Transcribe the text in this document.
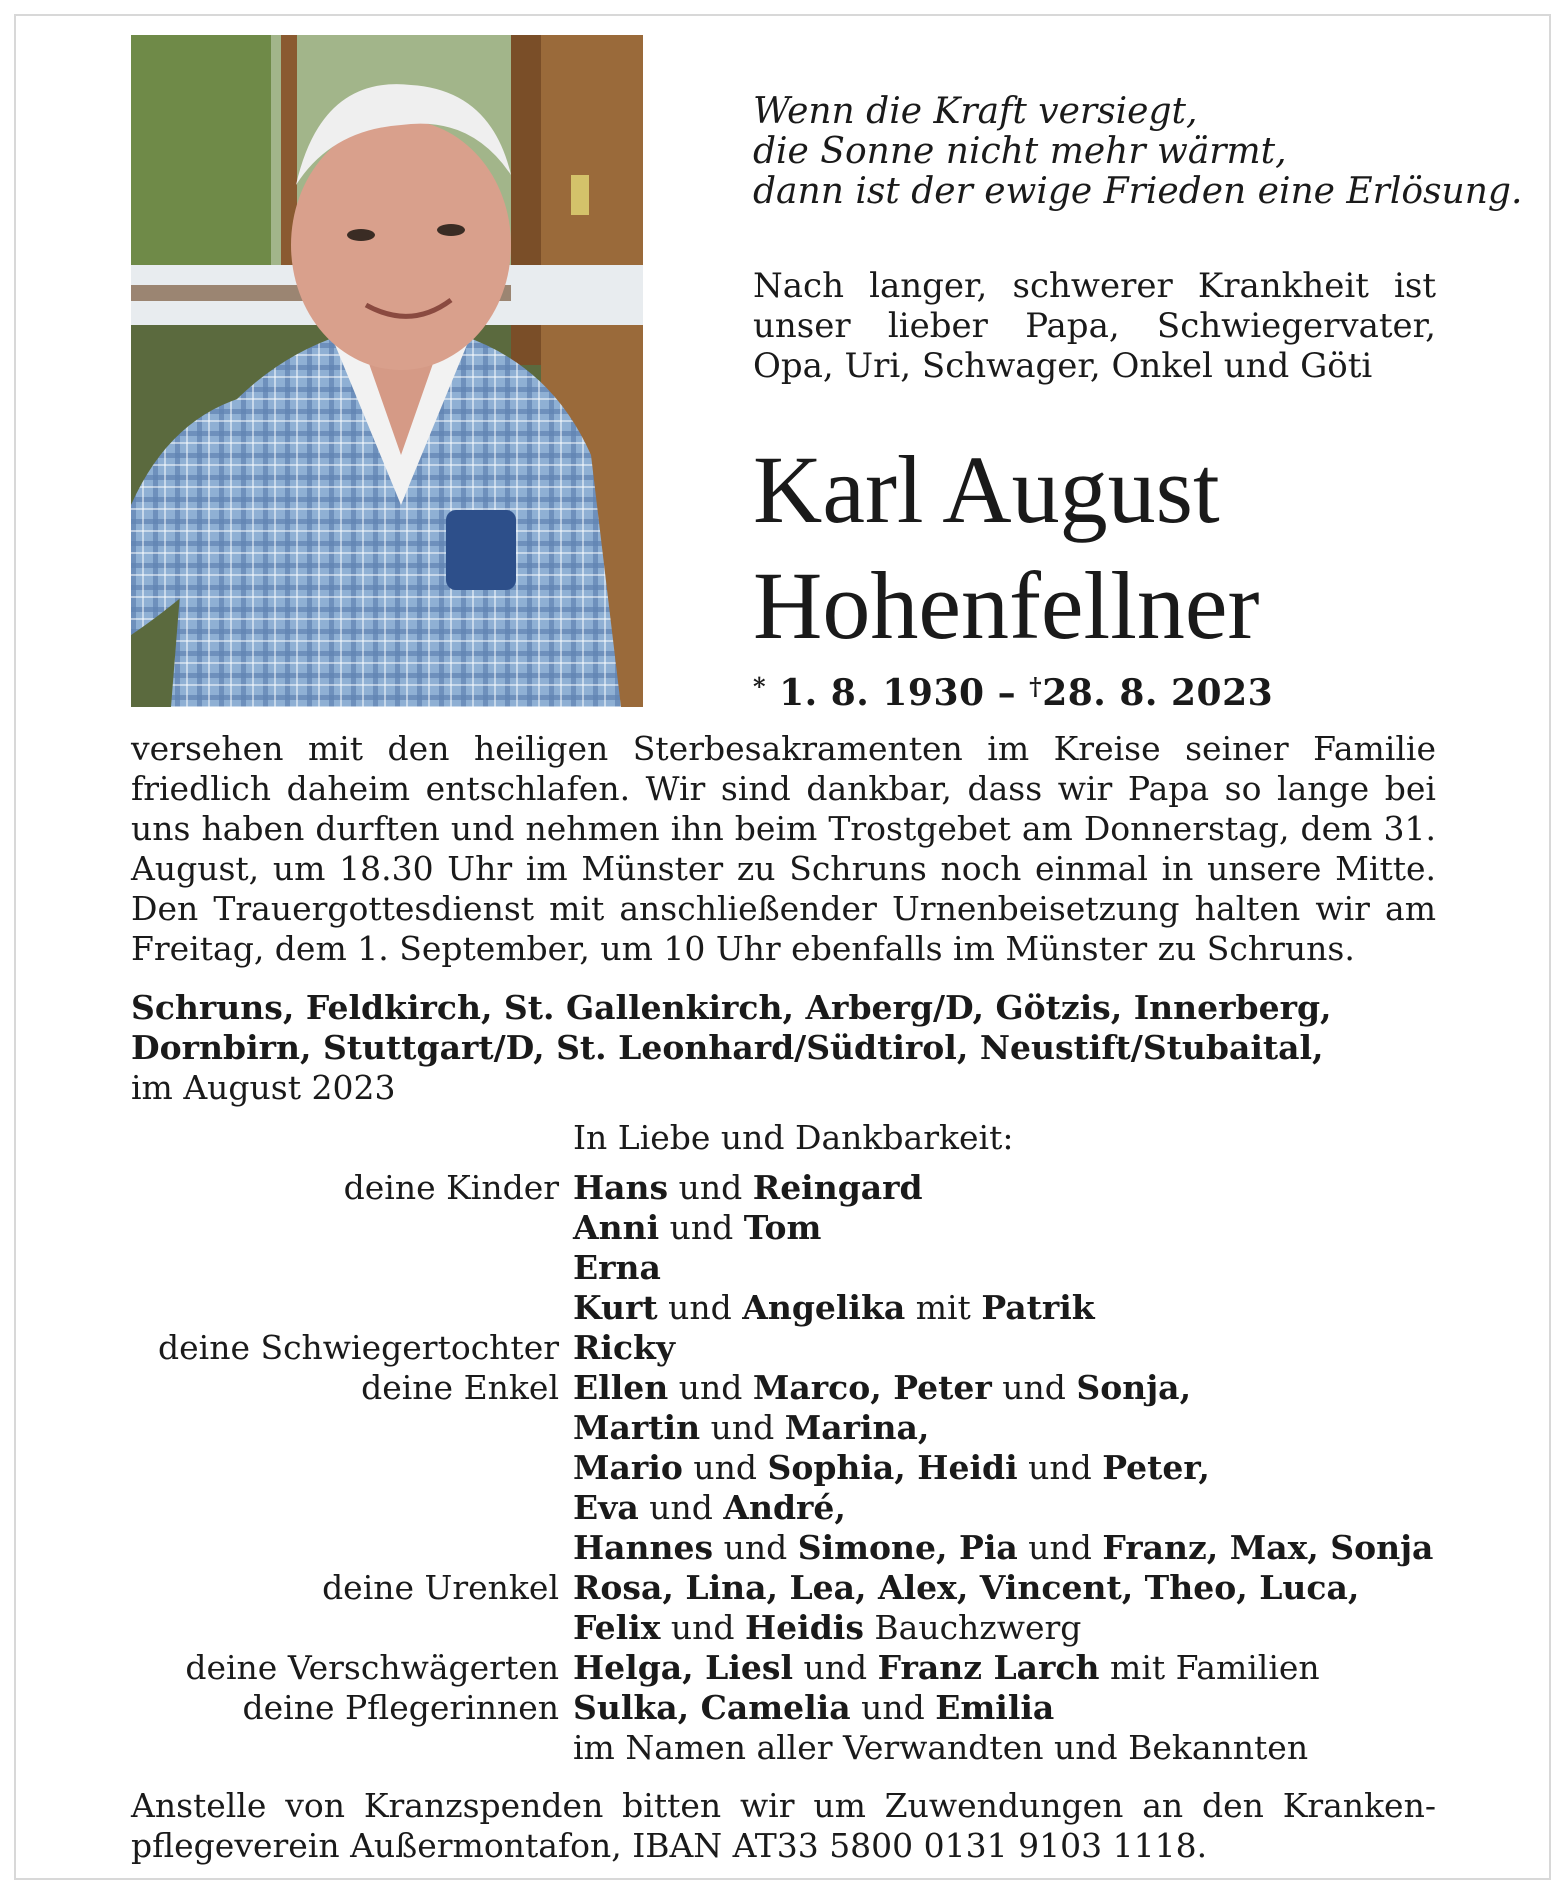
Wenn die Kraft versiegt,
die Sonne nicht mehr wärmt,
dann ist der ewige Frieden eine Erlösung.
Nach langer, schwerer Krankheit ist unser lieber Papa, Schwiegervater, Opa, Uri, Schwager, Onkel und Göti
Karl August
Hohenfellner
* 1. 8. 1930 – †28. 8. 2023
versehen mit den heiligen Sterbesakramenten im Kreise seiner Familie friedlich daheim entschlafen. Wir sind dankbar, dass wir Papa so lange bei uns haben durften und nehmen ihn beim Trostgebet am Donnerstag, dem 31. August, um 18.30 Uhr im Münster zu Schruns noch einmal in unsere Mitte. Den Trauergottesdienst mit anschließender Urnenbeisetzung halten wir am Freitag, dem 1. September, um 10 Uhr ebenfalls im Münster zu Schruns.
Schruns, Feldkirch, St. Gallenkirch, Arberg/D, Götzis, Innerberg,
Dornbirn, Stuttgart/D, St. Leonhard/Südtirol, Neustift/Stubaital,
im August 2023
In Liebe und Dankbarkeit:
deine Kinder Hans und Reingard
Anni und Tom
Erna
Kurt und Angelika mit Patrik
deine Schwiegertochter Ricky
deine Enkel Ellen und Marco, Peter und Sonja,
Martin und Marina,
Mario und Sophia, Heidi und Peter,
Eva und André,
Hannes und Simone, Pia und Franz, Max, Sonja
deine Urenkel Rosa, Lina, Lea, Alex, Vincent, Theo, Luca,
Felix und Heidis Bauchzwerg
deine Verschwägerten Helga, Liesl und Franz Larch mit Familien
deine Pflegerinnen Sulka, Camelia und Emilia
im Namen aller Verwandten und Bekannten
Anstelle von Kranzspenden bitten wir um Zuwendungen an den Krankenpflegeverein Außermontafon, IBAN AT33 5800 0131 9103 1118.
